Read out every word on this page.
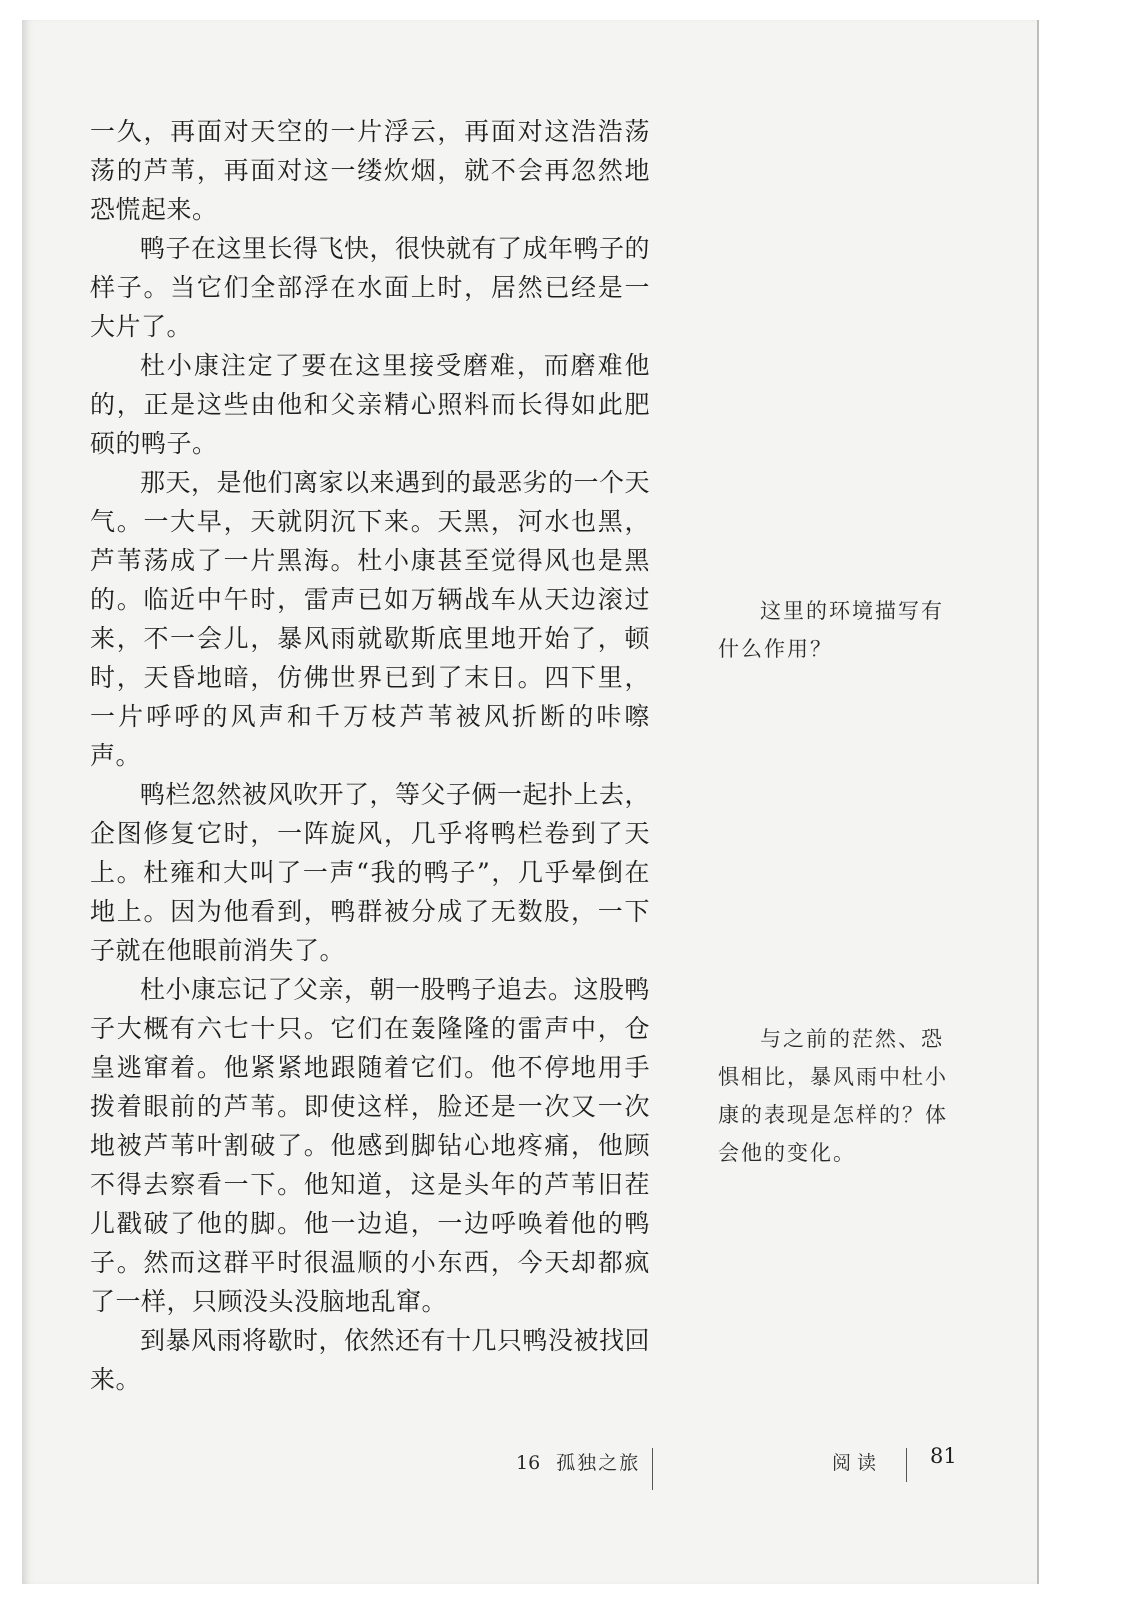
一久，再面对天空的一片浮云，再面对这浩浩荡荡的芦苇，再面对这一缕炊烟，就不会再忽然地恐慌起来。

鸭子在这里长得飞快，很快就有了成年鸭子的样子。当它们全部浮在水面上时，居然已经是一大片了。

杜小康注定了要在这里接受磨难，而磨难他的，正是这些由他和父亲精心照料而长得如此肥硕的鸭子。

那天，是他们离家以来遇到的最恶劣的一个天气。一大早，天就阴沉下来。天黑，河水也黑，芦苇荡成了一片黑海。杜小康甚至觉得风也是黑的。临近中午时，雷声已如万辆战车从天边滚过来，不一会儿，暴风雨就歇斯底里地开始了，顿时，天昏地暗，仿佛世界已到了末日。四下里，一片呼呼的风声和千万枝芦苇被风折断的咔嚓声。

鸭栏忽然被风吹开了，等父子俩一起扑上去，企图修复它时，一阵旋风，几乎将鸭栏卷到了天上。杜雍和大叫了一声“我的鸭子”，几乎晕倒在地上。因为他看到，鸭群被分成了无数股，一下子就在他眼前消失了。

杜小康忘记了父亲，朝一股鸭子追去。这股鸭子大概有六七十只。它们在轰隆隆的雷声中，仓皇逃窜着。他紧紧地跟随着它们。他不停地用手拨着眼前的芦苇。即使这样，脸还是一次又一次地被芦苇叶割破了。他感到脚钻心地疼痛，他顾不得去察看一下。他知道，这是头年的芦苇旧茬儿戳破了他的脚。他一边追，一边呼唤着他的鸭子。然而这群平时很温顺的小东西，今天却都疯了一样，只顾没头没脑地乱窜。

到暴风雨将歇时，依然还有十几只鸭没被找回来。

这里的环境描写有什么作用？
与之前的茫然、恐惧相比，暴风雨中杜小康的表现是怎样的？体会他的变化。
16 孤独之旅	阅 读	81
